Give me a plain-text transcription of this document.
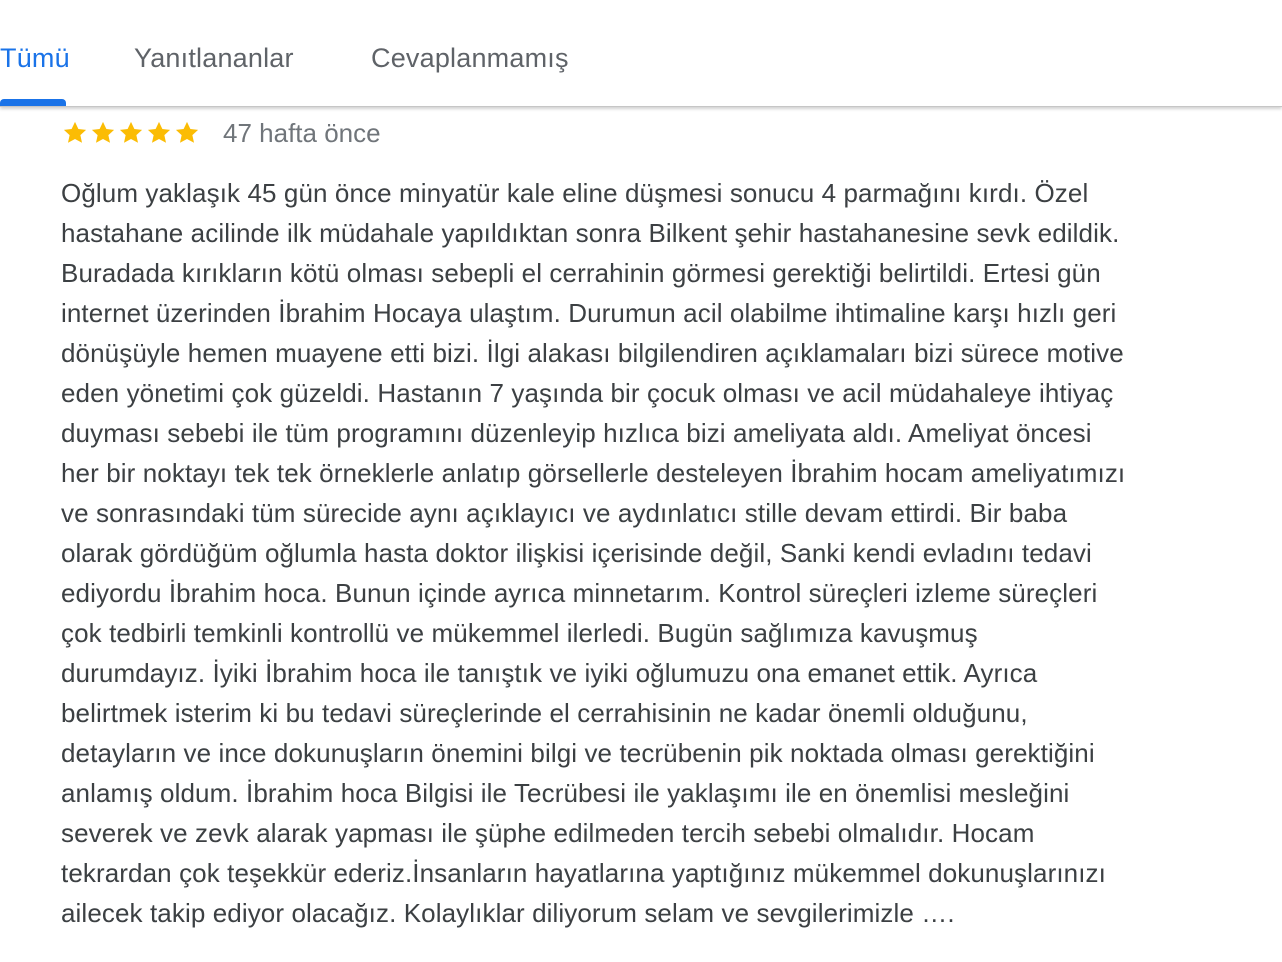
Tümü Yanıtlananlar	Cevaplanmamış
47 hafta önce
Oğlum yaklaşık 45 gün önce minyatür kale eline düşmesi sonucu 4 parmağını kırdı. Özel
hastahane acilinde ilk müdahale yapıldıktan sonra Bilkent şehir hastahanesine sevk edildik.
Buradada kırıkların kötü olması sebepli el cerrahinin görmesi gerektiği belirtildi. Ertesi gün
internet üzerinden İbrahim Hocaya ulaştım. Durumun acil olabilme ihtimaline karşı hızlı geri
dönüşüyle hemen muayene etti bizi. İlgi alakası bilgilendiren açıklamaları bizi sürece motive
eden yönetimi çok güzeldi. Hastanın 7 yaşında bir çocuk olması ve acil müdahaleye ihtiyaç
duyması sebebi ile tüm programını düzenleyip hızlıca bizi ameliyata aldı. Ameliyat öncesi
her bir noktayı tek tek örneklerle anlatıp görsellerle desteleyen İbrahim hocam ameliyatımızı
ve sonrasındaki tüm sürecide aynı açıklayıcı ve aydınlatıcı stille devam ettirdi. Bir baba
olarak gördüğüm oğlumla hasta doktor ilişkisi içerisinde değil, Sanki kendi evladını tedavi
ediyordu İbrahim hoca. Bunun içinde ayrıca minnetarım. Kontrol süreçleri izleme süreçleri
çok tedbirli temkinli kontrollü ve mükemmel ilerledi. Bugün sağlımıza kavuşmuş
durumdayız. İyiki İbrahim hoca ile tanıştık ve iyiki oğlumuzu ona emanet ettik. Ayrıca
belirtmek isterim ki bu tedavi süreçlerinde el cerrahisinin ne kadar önemli olduğunu,
detayların ve ince dokunuşların önemini bilgi ve tecrübenin pik noktada olması gerektiğini
anlamış oldum. İbrahim hoca Bilgisi ile Tecrübesi ile yaklaşımı ile en önemlisi mesleğini
severek ve zevk alarak yapması ile şüphe edilmeden tercih sebebi olmalıdır. Hocam
tekrardan çok teşekkür ederiz.İnsanların hayatlarına yaptığınız mükemmel dokunuşlarınızı
ailecek takip ediyor olacağız. Kolaylıklar diliyorum selam ve sevgilerimizle ….
